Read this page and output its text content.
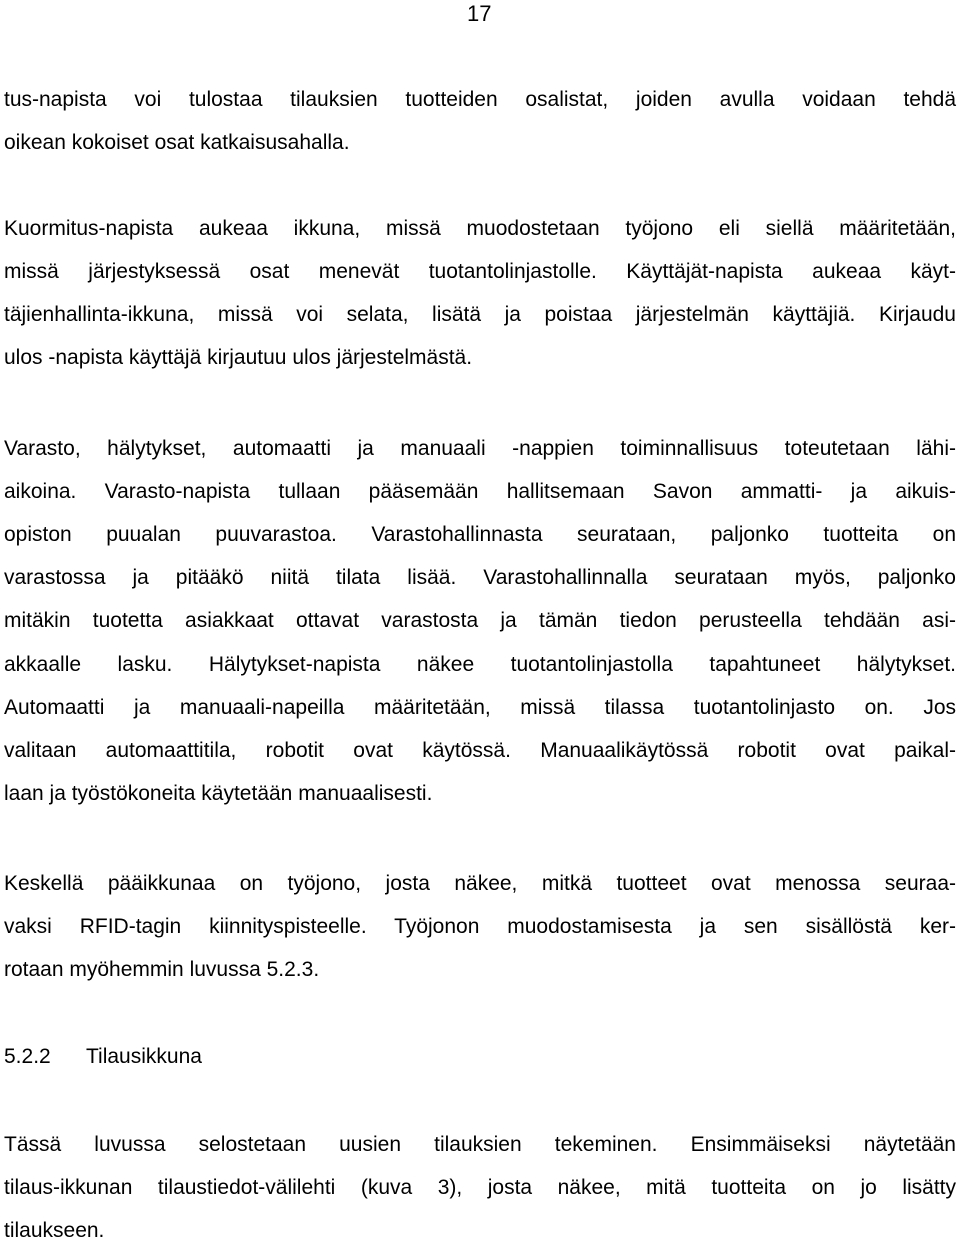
17
tus-napista voi tulostaa tilauksien tuotteiden osalistat, joiden avulla voidaan tehdä
oikean kokoiset osat katkaisusahalla.
Kuormitus-napista aukeaa ikkuna, missä muodostetaan työjono eli siellä määritetään,
missä järjestyksessä osat menevät tuotantolinjastolle. Käyttäjät-napista aukeaa käyt-
täjienhallinta-ikkuna, missä voi selata, lisätä ja poistaa järjestelmän käyttäjiä. Kirjaudu
ulos -napista käyttäjä kirjautuu ulos järjestelmästä.
Varasto, hälytykset, automaatti ja manuaali -nappien toiminnallisuus toteutetaan lähi-
aikoina. Varasto-napista tullaan pääsemään hallitsemaan Savon ammatti- ja aikuis-
opiston puualan puuvarastoa. Varastohallinnasta seurataan, paljonko tuotteita on
varastossa ja pitääkö niitä tilata lisää. Varastohallinnalla seurataan myös, paljonko
mitäkin tuotetta asiakkaat ottavat varastosta ja tämän tiedon perusteella tehdään asi-
akkaalle lasku. Hälytykset-napista näkee tuotantolinjastolla tapahtuneet hälytykset.
Automaatti ja manuaali-napeilla määritetään, missä tilassa tuotantolinjasto on. Jos
valitaan automaattitila, robotit ovat käytössä. Manuaalikäytössä robotit ovat paikal-
laan ja työstökoneita käytetään manuaalisesti.
Keskellä pääikkunaa on työjono, josta näkee, mitkä tuotteet ovat menossa seuraa-
vaksi RFID-tagin kiinnityspisteelle. Työjonon muodostamisesta ja sen sisällöstä ker-
rotaan myöhemmin luvussa 5.2.3.
5.2.2 Tilausikkuna
Tässä luvussa selostetaan uusien tilauksien tekeminen. Ensimmäiseksi näytetään
tilaus-ikkunan tilaustiedot-välilehti (kuva 3), josta näkee, mitä tuotteita on jo lisätty
tilaukseen.
